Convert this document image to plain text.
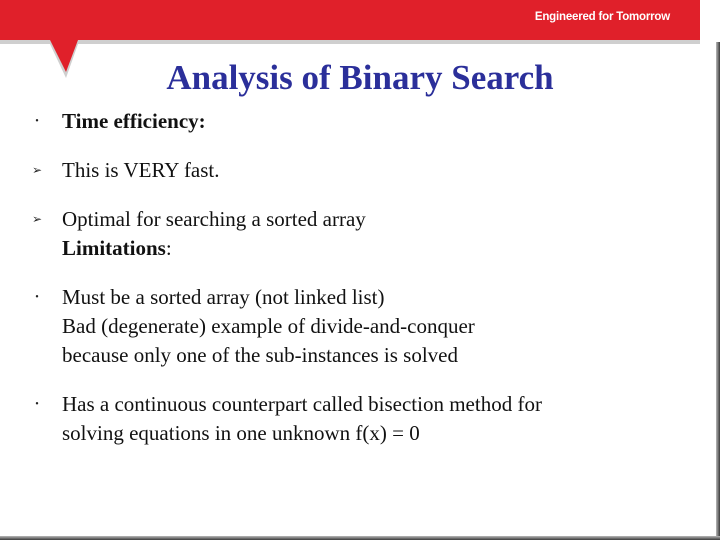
Engineered for Tomorrow
Analysis of Binary Search
• Time efficiency:
➢ This is VERY fast.
➢ Optimal for searching a sorted array
Limitations:
• Must be a sorted array (not linked list)
Bad (degenerate) example of divide-and-conquer
because only one of the sub-instances is solved
• Has a continuous counterpart called bisection method for
solving equations in one unknown f(x) = 0
